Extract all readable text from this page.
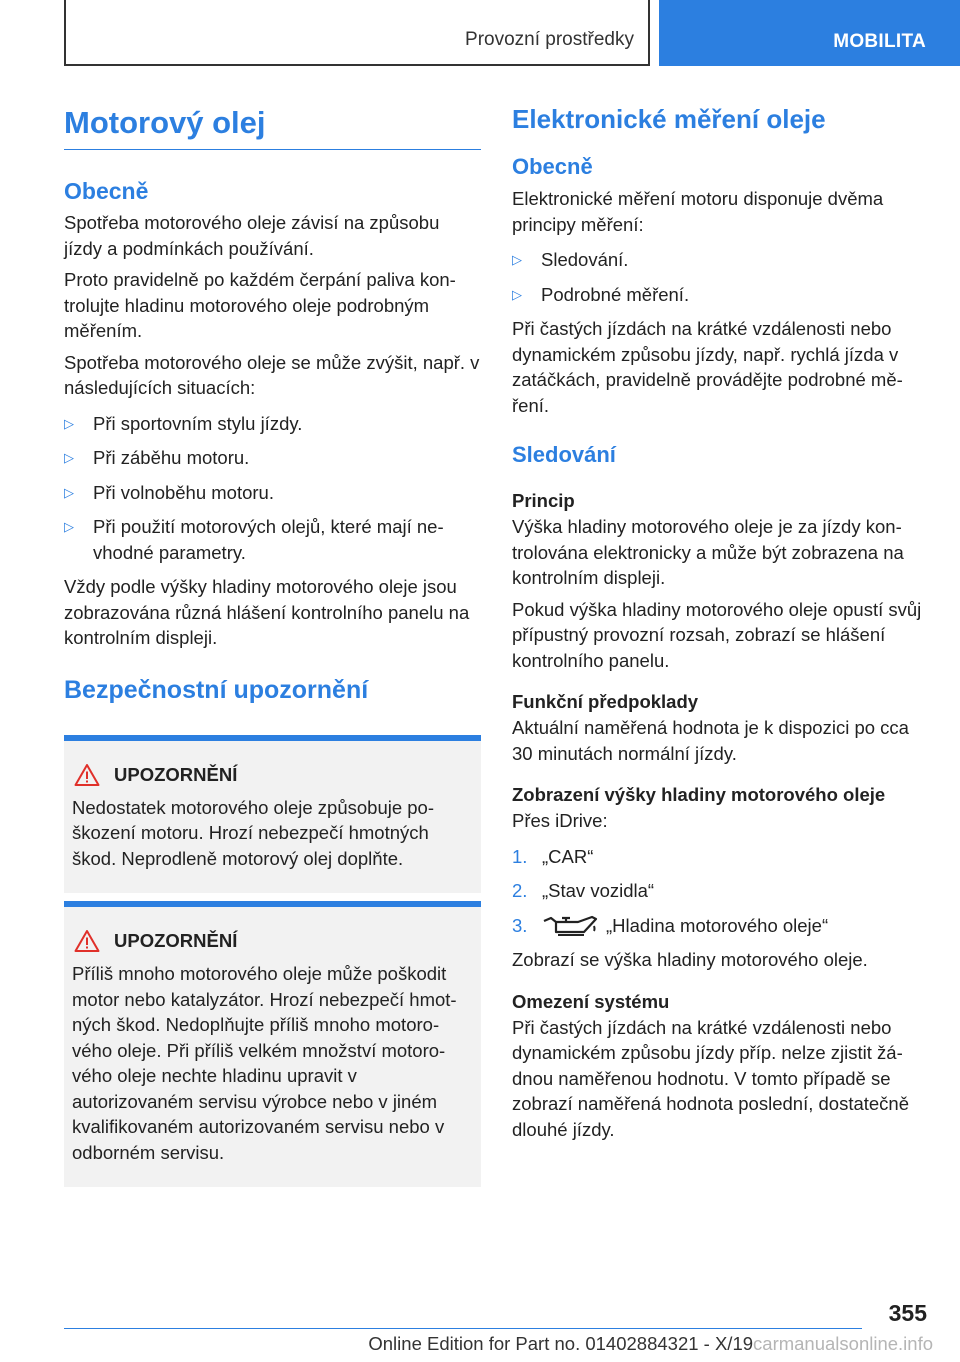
Provozní prostředky	MOBILITA
Motorový olej
Obecně

Spotřeba motorového oleje závisí na způsobu jízdy a podmínkách používání.

Proto pravidelně po každém čerpání paliva kontrolujte hladinu motorového oleje podrobným měřením.

Spotřeba motorového oleje se může zvýšit, např. v následujících situacích:

▷ Při sportovním stylu jízdy.
▷ Při záběhu motoru.
▷ Při volnoběhu motoru.
▷ Při použití motorových olejů, které mají nevhodné parametry.

Vždy podle výšky hladiny motorového oleje jsou zobrazována různá hlášení kontrolního panelu na kontrolním displeji.

Bezpečnostní upozornění
UPOZORNĚNÍ

Nedostatek motorového oleje způsobuje poškození motoru. Hrozí nebezpečí hmotných škod. Neprodleně motorový olej doplňte.

UPOZORNĚNÍ

Příliš mnoho motorového oleje může poškodit motor nebo katalyzátor. Hrozí nebezpečí hmotných škod. Nedoplňujte příliš mnoho motorového oleje. Při příliš velkém množství motorového oleje nechte hladinu upravit v autorizovaném servisu výrobce nebo v jiném kvalifikovaném autorizovaném servisu nebo v odborném servisu.

Elektronické měření oleje
Obecně

Elektronické měření motoru disponuje dvěma principy měření:

▷ Sledování.
▷ Podrobné měření.

Při častých jízdách na krátké vzdálenosti nebo dynamickém způsobu jízdy, např. rychlá jízda v zatáčkách, pravidelně provádějte podrobné měření.

Sledování
Princip

Výška hladiny motorového oleje je za jízdy kontrolována elektronicky a může být zobrazena na kontrolním displeji.

Pokud výška hladiny motorového oleje opustí svůj přípustný provozní rozsah, zobrazí se hlášení kontrolního panelu.

Funkční předpoklady

Aktuální naměřená hodnota je k dispozici po cca 30 minutách normální jízdy.

Zobrazení výšky hladiny motorového oleje

Přes iDrive:

1. „CAR“
2. „Stav vozidla“
3.	„Hladina motorového oleje“

Zobrazí se výška hladiny motorového oleje.

Omezení systému

Při častých jízdách na krátké vzdálenosti nebo dynamickém způsobu jízdy příp. nelze zjistit žádnou naměřenou hodnotu. V tomto případě se zobrazí naměřená hodnota poslední, dostatečně dlouhé jízdy.

355
Online Edition for Part no. 01402884321 - X/19carmanualsonline.info
